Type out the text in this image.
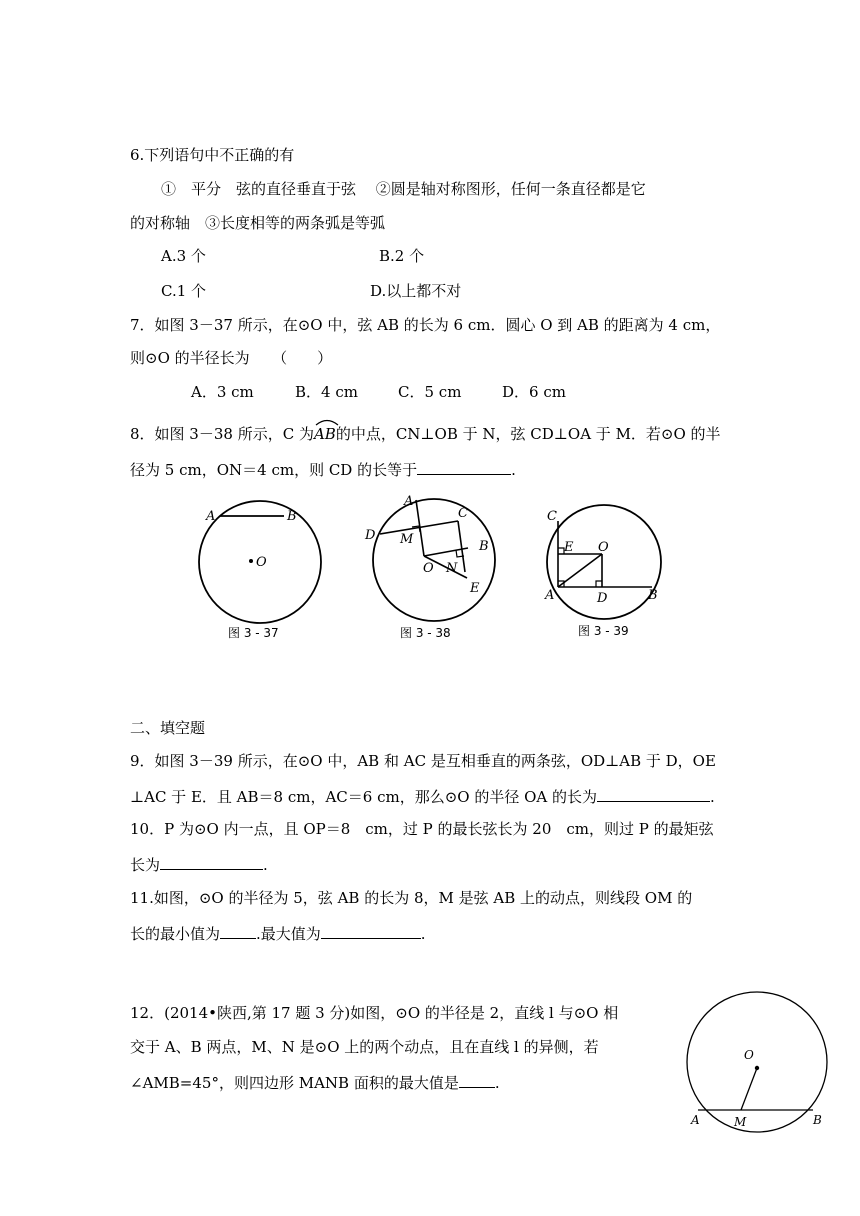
6.下列语句中不正确的有
①　平分　弦的直径垂直于弦　 ②圆是轴对称图形，任何一条直径都是它
的对称轴　③长度相等的两条弧是等弧
A.3 个	B.2 个
C.1 个	D.以上都不对
7．如图 3－37 所示，在⊙O 中，弦 AB 的长为 6 cm．圆心 O 到 AB 的距离为 4 cm，
则⊙O 的半径长为　　（　　）
A．3 cm	B．4 cm	C．5 cm	D．6 cm
8．如图 3－38 所示，C 为
AB的中点，CN⊥OB 于 N，弦 CD⊥OA 于 M．若⊙O 的半
径为 5 cm，ON＝4 cm，则 CD 的长等于	.
A	B
O
图 3 - 37
A
C
D M	B
O N
E
图 3 - 38
C
E O
A	D	B
图 3 - 39
二、填空题
9．如图 3－39 所示，在⊙O 中，AB 和 AC 是互相垂直的两条弦，OD⊥AB 于 D，OE
⊥AC 于 E．且 AB＝8 cm，AC＝6 cm，那么⊙O 的半径 OA 的长为	.
10．P 为⊙O 内一点，且 OP＝8　cm，过 P 的最长弦长为 20　cm，则过 P 的最矩弦
长为	.
11.如图，⊙O 的半径为 5，弦 AB 的长为 8，M 是弦 AB 上的动点，则线段 OM 的
长的最小值为 .最大值为	.
12．(2014•陕西,第 17 题 3 分)如图，⊙O 的半径是 2，直线 l 与⊙O 相
交于 A、B 两点，M、N 是⊙O 上的两个动点，且在直线 l 的异侧，若
∠AMB=45°，则四边形 MANB 面积的最大值是 .
O
A	M	B
